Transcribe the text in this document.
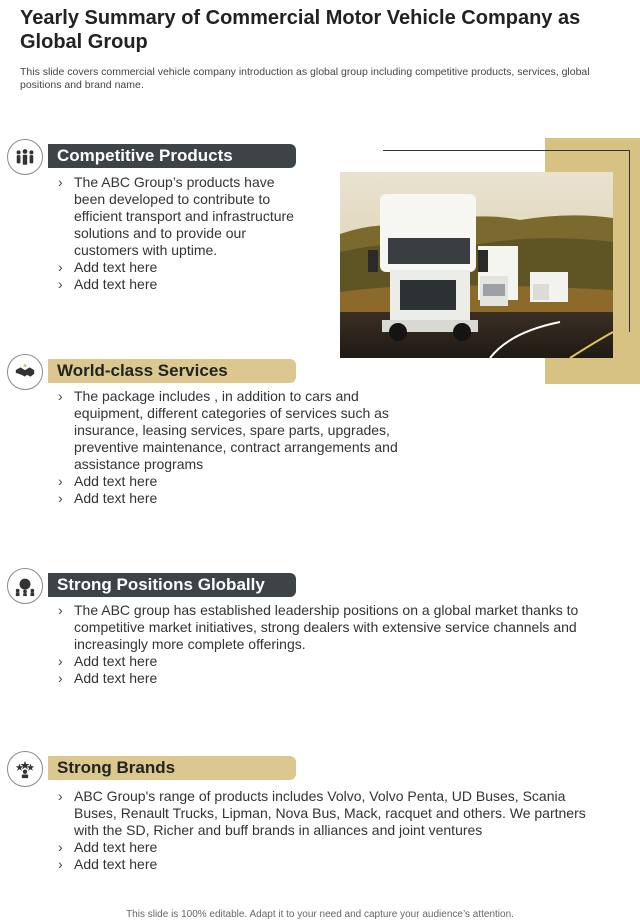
Yearly Summary of Commercial Motor Vehicle Company as Global Group

This slide covers commercial vehicle company introduction as global group including competitive products, services, global positions and brand name.

Competitive Products
› The ABC Group’s products have been developed to contribute to efficient transport and infrastructure solutions and to provide our customers with uptime.
› Add text here
› Add text here
World-class Services
› The package includes , in addition to cars and equipment, different categories of services such as insurance, leasing services, spare parts, upgrades, preventive maintenance, contract arrangements and assistance programs
› Add text here
› Add text here
Strong Positions Globally
› The ABC group has established leadership positions on a global market thanks to competitive market initiatives, strong dealers with extensive service channels and increasingly more complete offerings.
› Add text here
› Add text here
Strong Brands
› ABC Group's range of products includes Volvo, Volvo Penta, UD Buses, Scania Buses, Renault Trucks, Lipman, Nova Bus, Mack, racquet and others. We partners with the SD, Richer and buff brands in alliances and joint ventures
› Add text here
› Add text here
This slide is 100% editable. Adapt it to your need and capture your audience’s attention.
